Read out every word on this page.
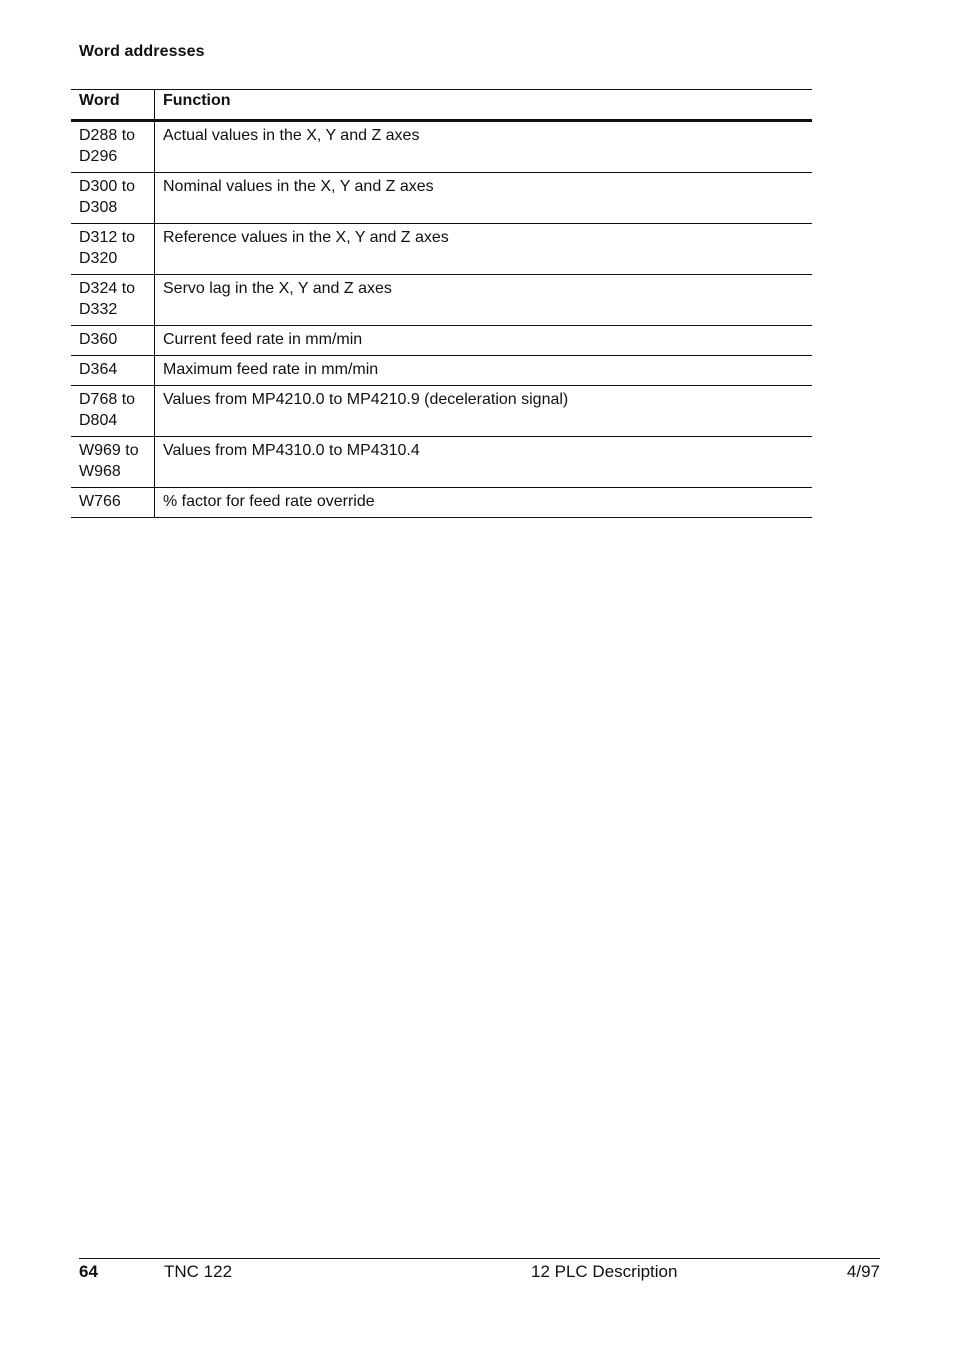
Word addresses
Word	Function
D288 to D296	Actual values in the X, Y and Z axes
D300 to D308	Nominal values in the X, Y and Z axes
D312 to D320	Reference values in the X, Y and Z axes
D324 to D332	Servo lag in the X, Y and Z axes
D360	Current feed rate in mm/min
D364	Maximum feed rate in mm/min
D768 to D804	Values from MP4210.0 to MP4210.9 (deceleration signal)
W969 to W968	Values from MP4310.0 to MP4310.4
W766	% factor for feed rate override
64	TNC 122	12 PLC Description	4/97
